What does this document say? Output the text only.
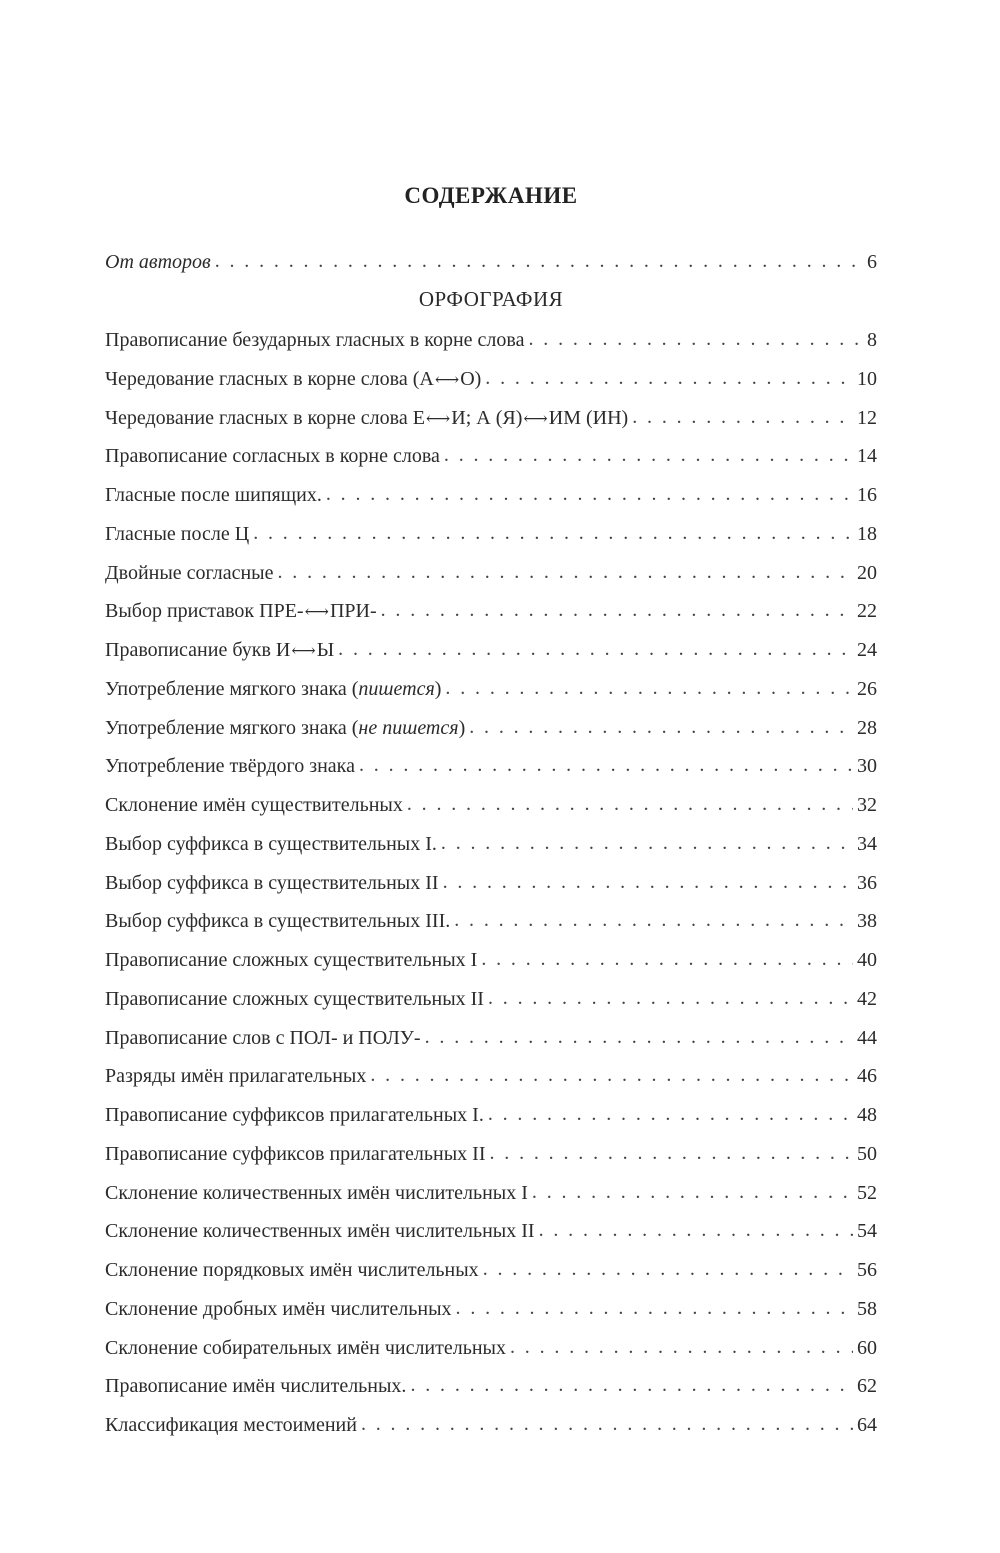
СОДЕРЖАНИЕ
От авторов . . .	6
ОРФОГРАФИЯ
Правописание безударных гласных в корне слова . . .	8
Чередование гласных в корне слова (А⟷О) . . .	10
Чередование гласных в корне слова Е⟷И; А (Я)⟷ИМ (ИН) . . .	12
Правописание согласных в корне слова . . .	14
Гласные после шипящих. . . .	16
Гласные после Ц . . .	18
Двойные согласные . . .	20
Выбор приставок ПРЕ-⟷ПРИ- . . .	22
Правописание букв И⟷Ы . . .	24
Употребление мягкого знака (пишется) . . .	26
Употребление мягкого знака (не пишется) . . .	28
Употребление твёрдого знака . . .	30
Склонение имён существительных . . .	32
Выбор суффикса в существительных I. . . .	34
Выбор суффикса в существительных II . . .	36
Выбор суффикса в существительных III. . . .	38
Правописание сложных существительных I . . .	40
Правописание сложных существительных II . . .	42
Правописание слов с ПОЛ- и ПОЛУ- . . .	44
Разряды имён прилагательных . . .	46
Правописание суффиксов прилагательных I. . . .	48
Правописание суффиксов прилагательных II . . .	50
Склонение количественных имён числительных I . . .	52
Склонение количественных имён числительных II . . .	54
Склонение порядковых имён числительных . . .	56
Склонение дробных имён числительных . . .	58
Склонение собирательных имён числительных . . .	60
Правописание имён числительных. . . .	62
Классификация местоимений . . .	64
